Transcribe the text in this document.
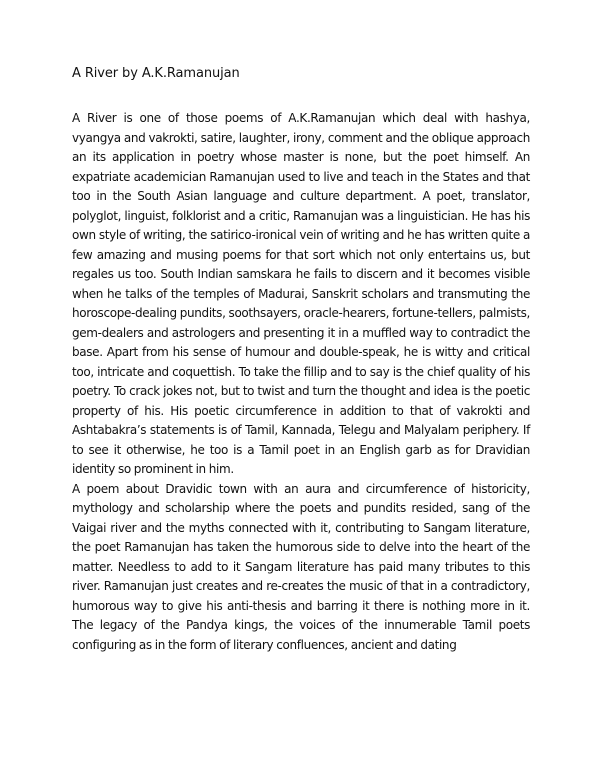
A River by A.K.Ramanujan

A River is one of those poems of A.K.Ramanujan which deal with hashya, vyangya and vakrokti, satire, laughter, irony, comment and the oblique approach an its application in poetry whose master is none, but the poet himself. An expatriate academician Ramanujan used to live and teach in the States and that too in the South Asian language and culture department. A poet, translator, polyglot, linguist, folklorist and a critic, Ramanujan was a linguistician. He has his own style of writing, the satirico-ironical vein of writing and he has written quite a few amazing and musing poems for that sort which not only entertains us, but regales us too. South Indian samskara he fails to discern and it becomes visible when he talks of the temples of Madurai, Sanskrit scholars and transmuting the horoscope-dealing pundits, soothsayers, oracle-hearers, fortune-tellers, palmists, gem-dealers and astrologers and presenting it in a muffled way to contradict the base. Apart from his sense of humour and double-speak, he is witty and critical too, intricate and coquettish. To take the fillip and to say is the chief quality of his poetry. To crack jokes not, but to twist and turn the thought and idea is the poetic property of his. His poetic circumference in addition to that of vakrokti and Ashtabakra’s statements is of Tamil, Kannada, Telegu and Malyalam periphery. If to see it otherwise, he too is a Tamil poet in an English garb as for Dravidian identity so prominent in him.

A poem about Dravidic town with an aura and circumference of historicity, mythology and scholarship where the poets and pundits resided, sang of the Vaigai river and the myths connected with it, contributing to Sangam literature, the poet Ramanujan has taken the humorous side to delve into the heart of the matter. Needless to add to it Sangam literature has paid many tributes to this river. Ramanujan just creates and re-creates the music of that in a contradictory, humorous way to give his anti-thesis and barring it there is nothing more in it. The legacy of the Pandya kings, the voices of the innumerable Tamil poets configuring as in the form of literary confluences, ancient and dating
